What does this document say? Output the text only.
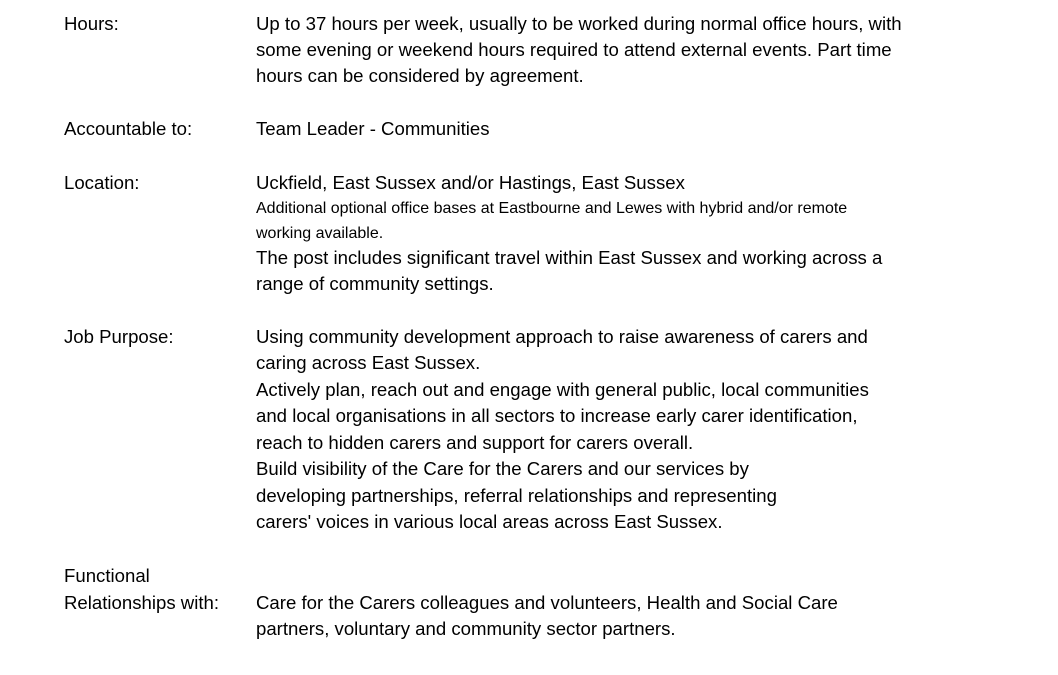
Hours:	Up to 37 hours per week, usually to be worked during normal office hours, with
some evening or weekend hours required to attend external events. Part time
hours can be considered by agreement.
Accountable to:	Team Leader - Communities
Location:	Uckfield, East Sussex and/or Hastings, East Sussex
Additional optional office bases at Eastbourne and Lewes with hybrid and/or remote
working available.
The post includes significant travel within East Sussex and working across a
range of community settings.
Job Purpose:	Using community development approach to raise awareness of carers and
caring across East Sussex.
Actively plan, reach out and engage with general public, local communities
and local organisations in all sectors to increase early carer identification,
reach to hidden carers and support for carers overall.
Build visibility of the Care for the Carers and our services by
developing partnerships, referral relationships and representing
carers' voices in various local areas across East Sussex.
Functional
Relationships with: Care for the Carers colleagues and volunteers, Health and Social Care
partners, voluntary and community sector partners.
